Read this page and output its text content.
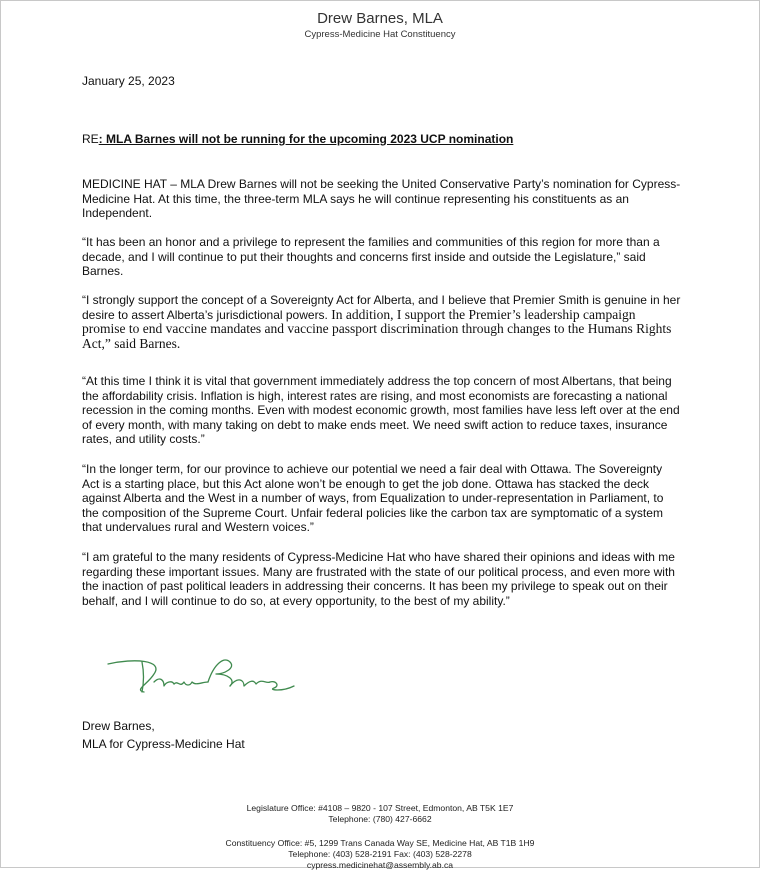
Drew Barnes, MLA
Cypress-Medicine Hat Constituency
January 25, 2023
RE: MLA Barnes will not be running for the upcoming 2023 UCP nomination

MEDICINE HAT – MLA Drew Barnes will not be seeking the United Conservative Party’s nomination for Cypress-Medicine Hat. At this time, the three-term MLA says he will continue representing his constituents as an Independent.

“It has been an honor and a privilege to represent the families and communities of this region for more than a decade, and I will continue to put their thoughts and concerns first inside and outside the Legislature,” said Barnes.

“I strongly support the concept of a Sovereignty Act for Alberta, and I believe that Premier Smith is genuine in her desire to assert Alberta’s jurisdictional powers. In addition, I support the Premier’s leadership campaign promise to end vaccine mandates and vaccine passport discrimination through changes to the Humans Rights Act,” said Barnes.

“At this time I think it is vital that government immediately address the top concern of most Albertans, that being the affordability crisis. Inflation is high, interest rates are rising, and most economists are forecasting a national recession in the coming months. Even with modest economic growth, most families have less left over at the end of every month, with many taking on debt to make ends meet. We need swift action to reduce taxes, insurance rates, and utility costs.”

“In the longer term, for our province to achieve our potential we need a fair deal with Ottawa. The Sovereignty Act is a starting place, but this Act alone won’t be enough to get the job done. Ottawa has stacked the deck against Alberta and the West in a number of ways, from Equalization to under-representation in Parliament, to the composition of the Supreme Court. Unfair federal policies like the carbon tax are symptomatic of a system that undervalues rural and Western voices.”

“I am grateful to the many residents of Cypress-Medicine Hat who have shared their opinions and ideas with me regarding these important issues. Many are frustrated with the state of our political process, and even more with the inaction of past political leaders in addressing their concerns. It has been my privilege to speak out on their behalf, and I will continue to do so, at every opportunity, to the best of my ability.”

Drew Barnes,
MLA for Cypress-Medicine Hat
Legislature Office: #4108 – 9820 - 107 Street, Edmonton, AB T5K 1E7
Telephone: (780) 427-6662
Constituency Office: #5, 1299 Trans Canada Way SE, Medicine Hat, AB T1B 1H9
Telephone: (403) 528-2191 Fax: (403) 528-2278
cypress.medicinehat@assembly.ab.ca
